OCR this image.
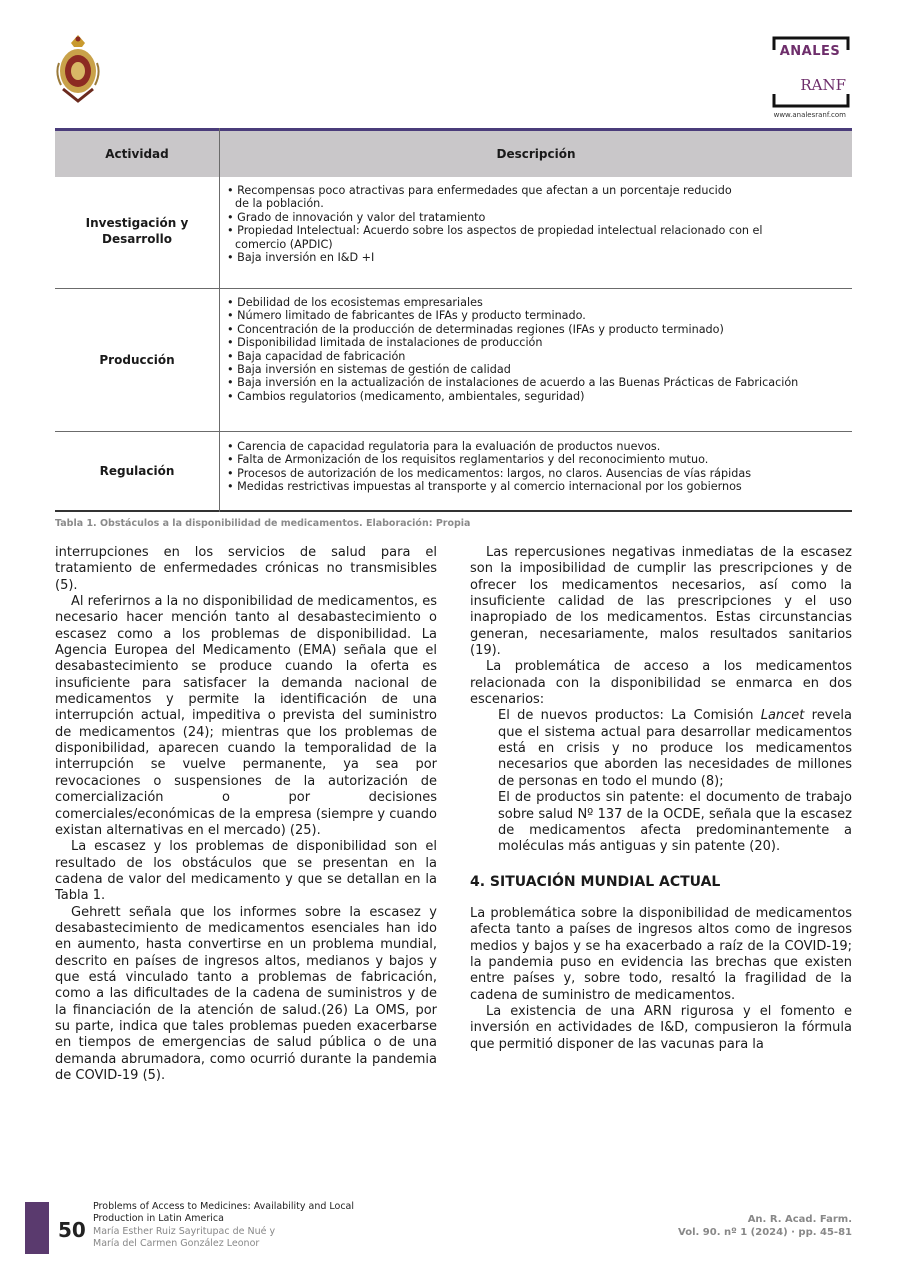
ANALES
RANF
www.analesranf.com
Actividad	Descripción
Investigación y
Desarrollo
• Recompensas poco atractivas para enfermedades que afectan a un porcentaje reducido
de la población.
• Grado de innovación y valor del tratamiento
• Propiedad Intelectual: Acuerdo sobre los aspectos de propiedad intelectual relacionado con el
comercio (APDIC)
• Baja inversión en I&D +I
Producción
• Debilidad de los ecosistemas empresariales
• Número limitado de fabricantes de IFAs y producto terminado.
• Concentración de la producción de determinadas regiones (IFAs y producto terminado)
• Disponibilidad limitada de instalaciones de producción
• Baja capacidad de fabricación
• Baja inversión en sistemas de gestión de calidad
• Baja inversión en la actualización de instalaciones de acuerdo a las Buenas Prácticas de Fabricación
• Cambios regulatorios (medicamento, ambientales, seguridad)
Regulación
• Carencia de capacidad regulatoria para la evaluación de productos nuevos.
• Falta de Armonización de los requisitos reglamentarios y del reconocimiento mutuo.
• Procesos de autorización de los medicamentos: largos, no claros. Ausencias de vías rápidas
• Medidas restrictivas impuestas al transporte y al comercio internacional por los gobiernos
Tabla 1. Obstáculos a la disponibilidad de medicamentos. Elaboración: Propia

interrupciones en los servicios de salud para el tratamiento de enfermedades crónicas no transmisibles (5).

Al referirnos a la no disponibilidad de medicamentos, es necesario hacer mención tanto al desabastecimiento o escasez como a los problemas de disponibilidad. La Agencia Europea del Medicamento (EMA) señala que el desabastecimiento se produce cuando la oferta es insuficiente para satisfacer la demanda nacional de medicamentos y permite la identificación de una interrupción actual, impeditiva o prevista del suministro de medicamentos (24); mientras que los problemas de disponibilidad, aparecen cuando la temporalidad de la interrupción se vuelve permanente, ya sea por revocaciones o suspensiones de la autorización de comercialización o por decisiones comerciales/económicas de la empresa (siempre y cuando existan alternativas en el mercado) (25).

La escasez y los problemas de disponibilidad son el resultado de los obstáculos que se presentan en la cadena de valor del medicamento y que se detallan en la Tabla 1.

Gehrett señala que los informes sobre la escasez y desabastecimiento de medicamentos esenciales han ido en aumento, hasta convertirse en un problema mundial, descrito en países de ingresos altos, medianos y bajos y que está vinculado tanto a problemas de fabricación, como a las dificultades de la cadena de suministros y de la financiación de la atención de salud.(26) La OMS, por su parte, indica que tales problemas pueden exacerbarse en tiempos de emergencias de salud pública o de una demanda abrumadora, como ocurrió durante la pandemia de COVID-19 (5).

Las repercusiones negativas inmediatas de la escasez son la imposibilidad de cumplir las prescripciones y de ofrecer los medicamentos necesarios, así como la insuficiente calidad de las prescripciones y el uso inapropiado de los medicamentos. Estas circunstancias generan, necesariamente, malos resultados sanitarios (19).

La problemática de acceso a los medicamentos relacionada con la disponibilidad se enmarca en dos escenarios:

El de nuevos productos: La Comisión Lancet revela que el sistema actual para desarrollar medicamentos está en crisis y no produce los medicamentos necesarios que aborden las necesidades de millones de personas en todo el mundo (8);

El de productos sin patente: el documento de trabajo sobre salud Nº 137 de la OCDE, señala que la escasez de medicamentos afecta predominantemente a moléculas más antiguas y sin patente (20).

4. SITUACIÓN MUNDIAL ACTUAL

La problemática sobre la disponibilidad de medicamentos afecta tanto a países de ingresos altos como de ingresos medios y bajos y se ha exacerbado a raíz de la COVID-19; la pandemia puso en evidencia las brechas que existen entre países y, sobre todo, resaltó la fragilidad de la cadena de suministro de medicamentos.

La existencia de una ARN rigurosa y el fomento e inversión en actividades de I&D, compusieron la fórmula que permitió disponer de las vacunas para la

50
Problems of Access to Medicines: Availability and Local
Production in Latin America
María Esther Ruiz Sayritupac de Nué y
María del Carmen González Leonor
An. R. Acad. Farm.
Vol. 90. nº 1 (2024) · pp. 45-81
